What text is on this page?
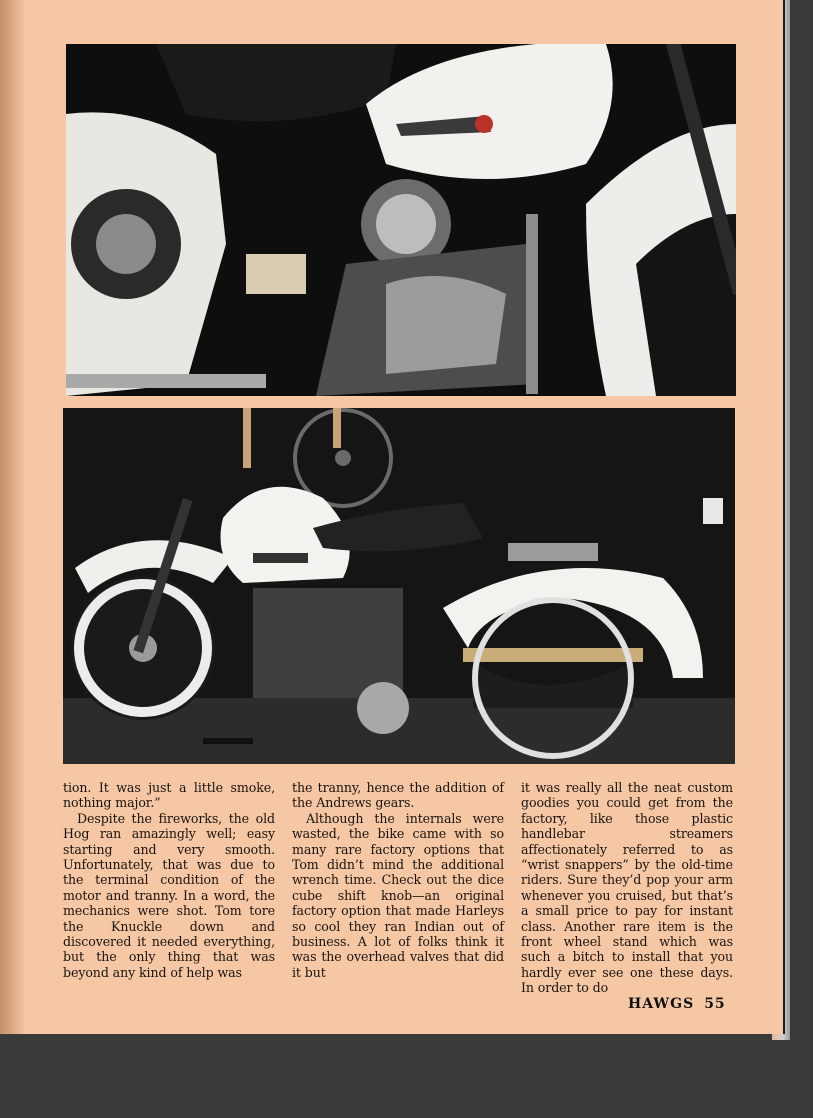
tion. It was just a little smoke, nothing major.”

Despite the fireworks, the old Hog ran amazingly well; easy starting and very smooth. Unfortunately, that was due to the terminal condition of the motor and tranny. In a word, the mechanics were shot. Tom tore the Knuckle down and discovered it needed everything, but the only thing that was beyond any kind of help was

the tranny, hence the addition of the Andrews gears.

Although the internals were wasted, the bike came with so many rare factory options that Tom didn’t mind the additional wrench time. Check out the dice cube shift knob—an original factory option that made Harleys so cool they ran Indian out of business. A lot of folks think it was the overhead valves that did it but

it was really all the neat custom goodies you could get from the factory, like those plastic handlebar streamers affectionately referred to as “wrist snappers” by the old-time riders. Sure they’d pop your arm whenever you cruised, but that’s a small price to pay for instant class. Another rare item is the front wheel stand which was such a bitch to install that you hardly ever see one these days. In order to do

HAWGS 55
